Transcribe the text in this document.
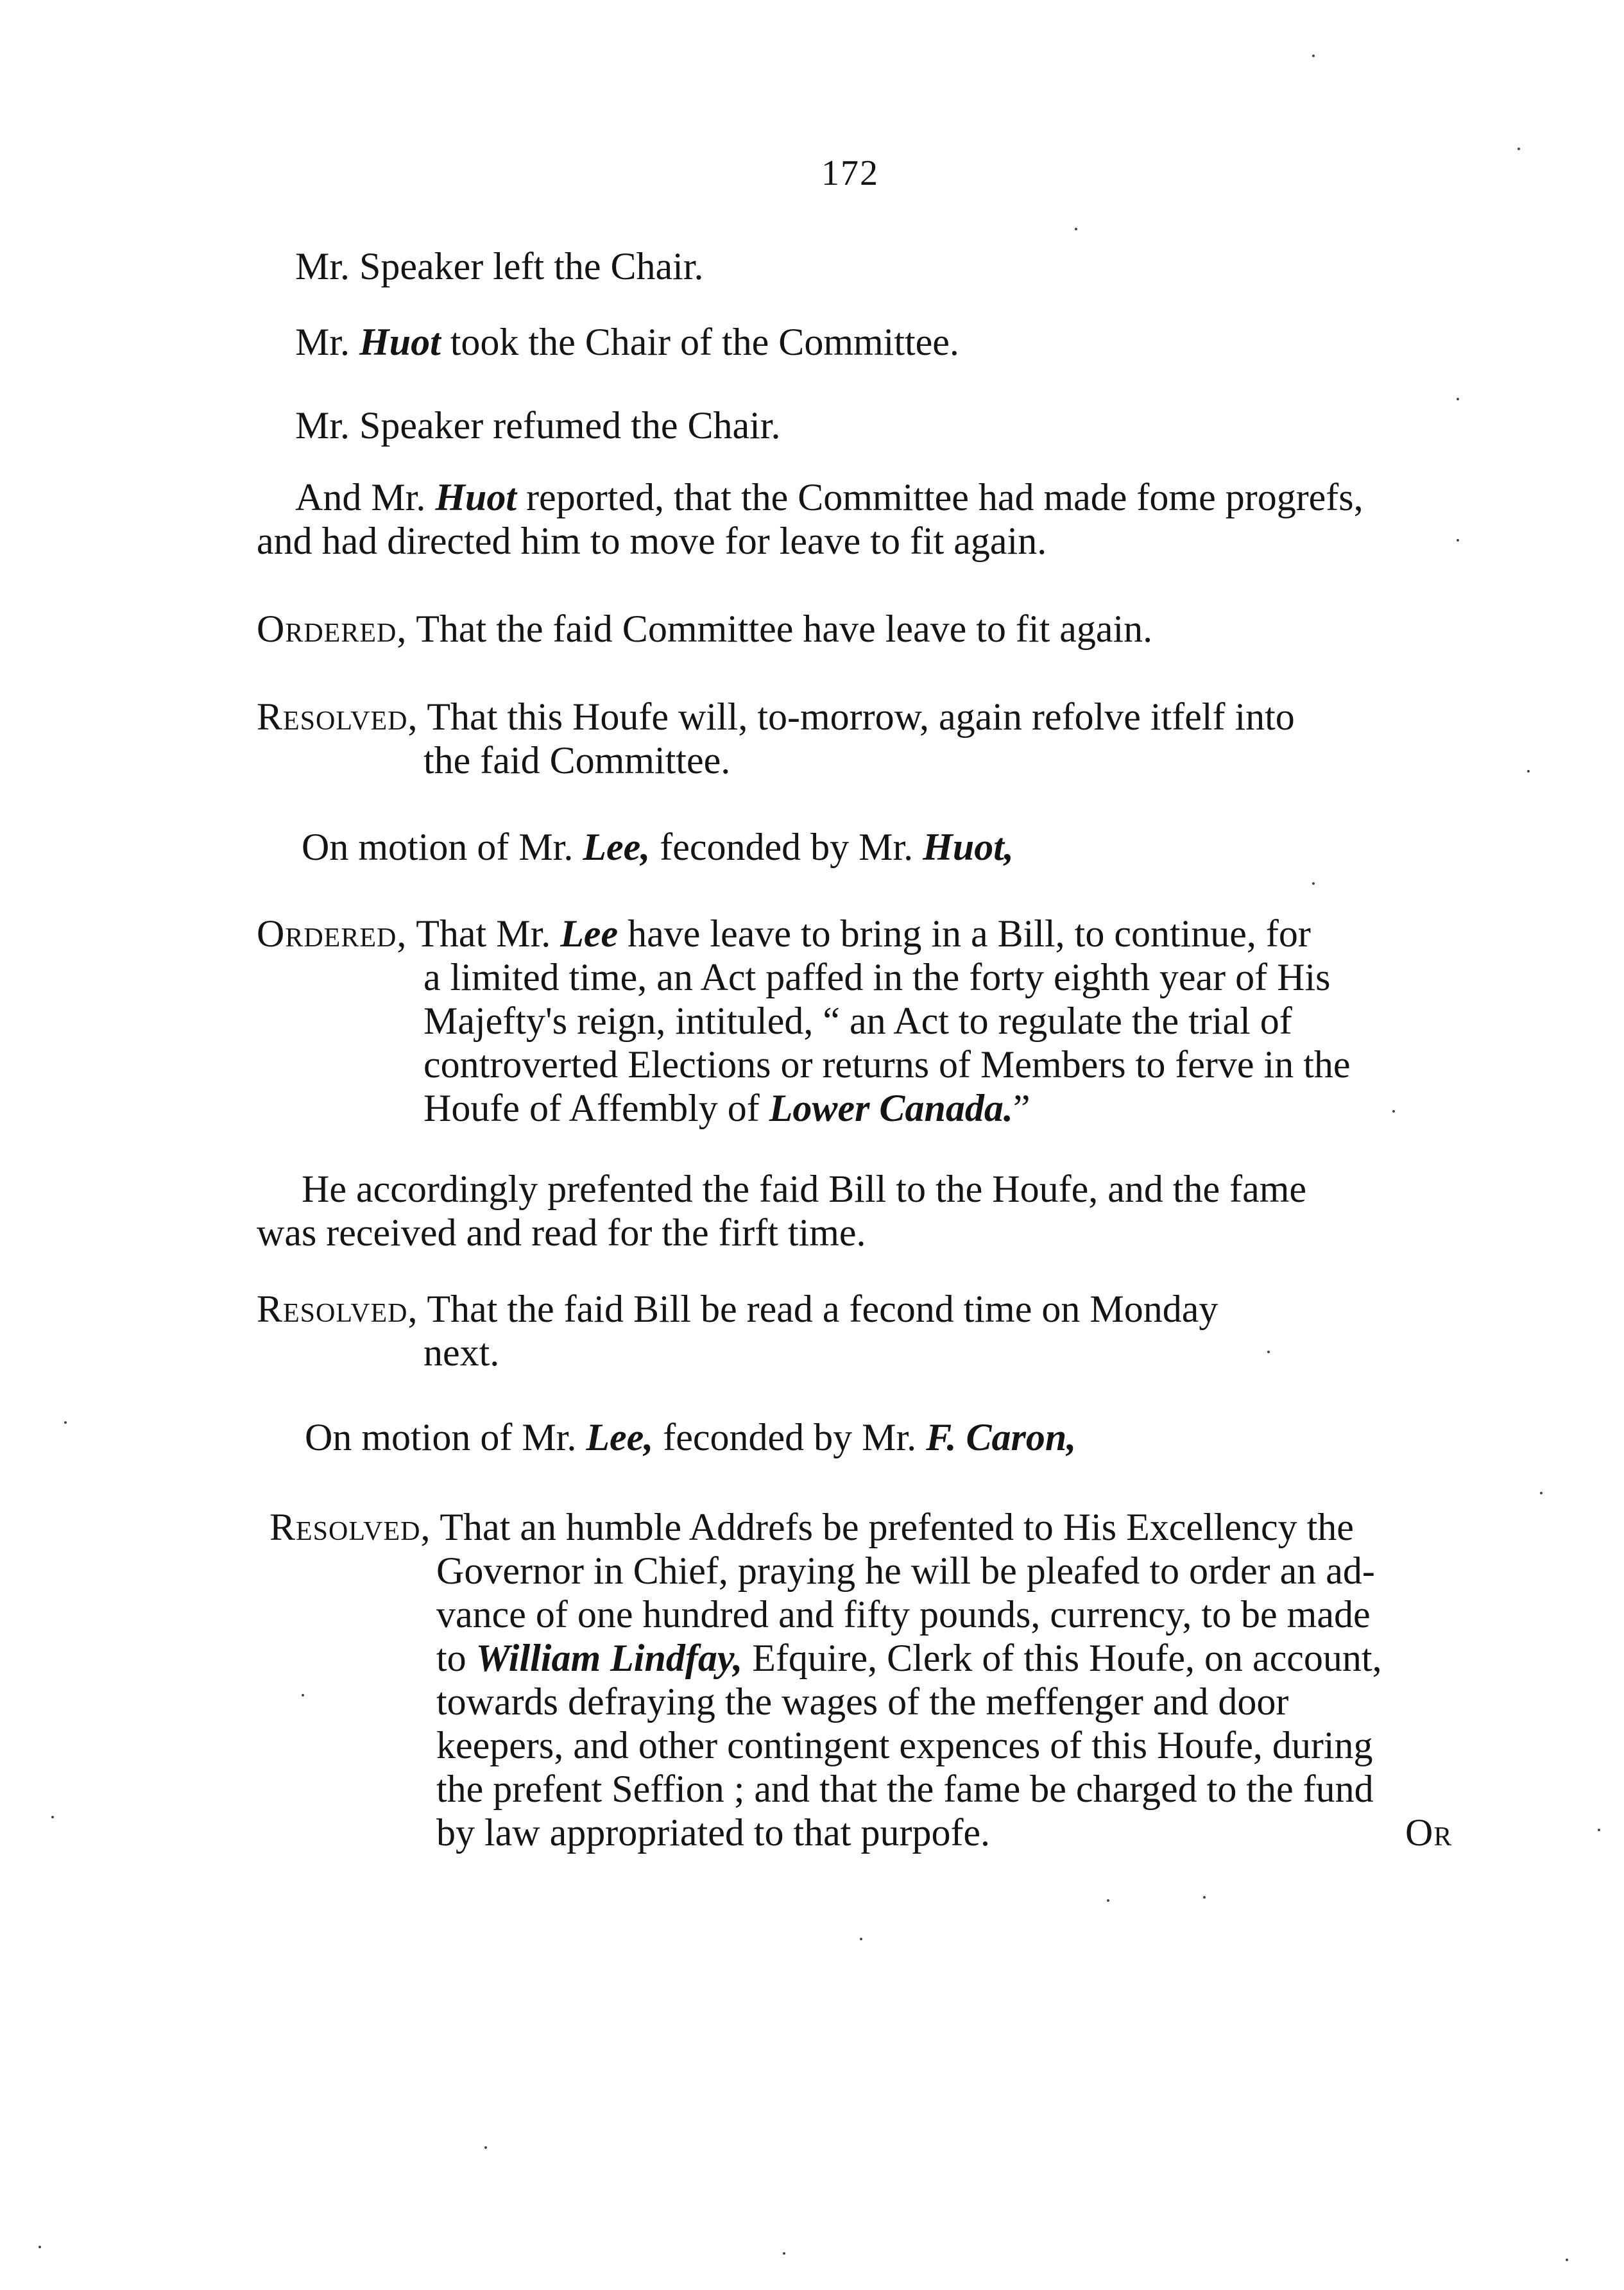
172
Mr. Speaker left the Chair.
Mr. Huot took the Chair of the Committee.
Mr. Speaker refumed the Chair.
And Mr. Huot reported, that the Committee had made fome progrefs,
and had directed him to move for leave to fit again.
Ordered, That the faid Committee have leave to fit again.
Resolved, That this Houfe will, to-morrow, again refolve itfelf into
the faid Committee.
On motion of Mr. Lee, feconded by Mr. Huot,
Ordered, That Mr. Lee have leave to bring in a Bill, to continue, for
a limited time, an Act paffed in the forty eighth year of His
Majefty's reign, intituled, “ an Act to regulate the trial of
controverted Elections or returns of Members to ferve in the
Houfe of Affembly of Lower Canada.”
He accordingly prefented the faid Bill to the Houfe, and the fame
was received and read for the firft time.
Resolved, That the faid Bill be read a fecond time on Monday
next.
On motion of Mr. Lee, feconded by Mr. F. Caron,
Resolved, That an humble Addrefs be prefented to His Excellency the
Governor in Chief, praying he will be pleafed to order an ad-
vance of one hundred and fifty pounds, currency, to be made
to William Lindfay, Efquire, Clerk of this Houfe, on account,
towards defraying the wages of the meffenger and door
keepers, and other contingent expences of this Houfe, during
the prefent Seffion ; and that the fame be charged to the fund
by law appropriated to that purpofe.	Or
